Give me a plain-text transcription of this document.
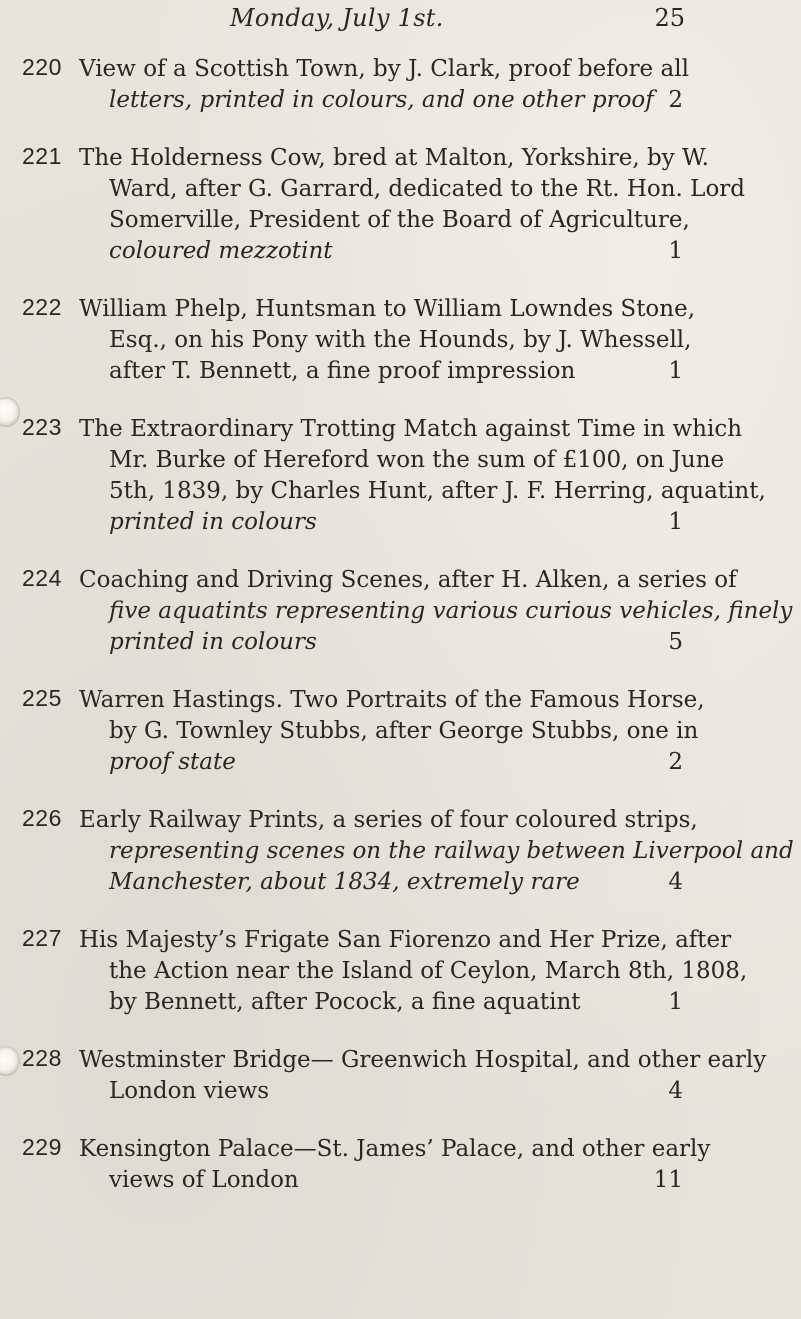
Monday, July 1st.	25
220 View of a Scottish Town, by J. Clark, proof before all
letters, printed in colours, and one other proof 2
221 The Holderness Cow, bred at Malton, Yorkshire, by W.
Ward, after G. Garrard, dedicated to the Rt. Hon. Lord
Somerville, President of the Board of Agriculture,
coloured mezzotint	1
222 William Phelp, Huntsman to William Lowndes Stone,
Esq., on his Pony with the Hounds, by J. Whessell,
after T. Bennett, a fine proof impression	1
223 The Extraordinary Trotting Match against Time in which
Mr. Burke of Hereford won the sum of £100, on June
5th, 1839, by Charles Hunt, after J. F. Herring, aquatint,
printed in colours	1
224 Coaching and Driving Scenes, after H. Alken, a series of
five aquatints representing various curious vehicles, finely
printed in colours	5
225 Warren Hastings. Two Portraits of the Famous Horse,
by G. Townley Stubbs, after George Stubbs, one in
proof state	2
226 Early Railway Prints, a series of four coloured strips,
representing scenes on the railway between Liverpool and
Manchester, about 1834, extremely rare	4
227 His Majesty’s Frigate San Fiorenzo and Her Prize, after
the Action near the Island of Ceylon, March 8th, 1808,
by Bennett, after Pocock, a fine aquatint	1
228 Westminster Bridge— Greenwich Hospital, and other early
London views	4
229 Kensington Palace—St. James’ Palace, and other early
views of London	11
